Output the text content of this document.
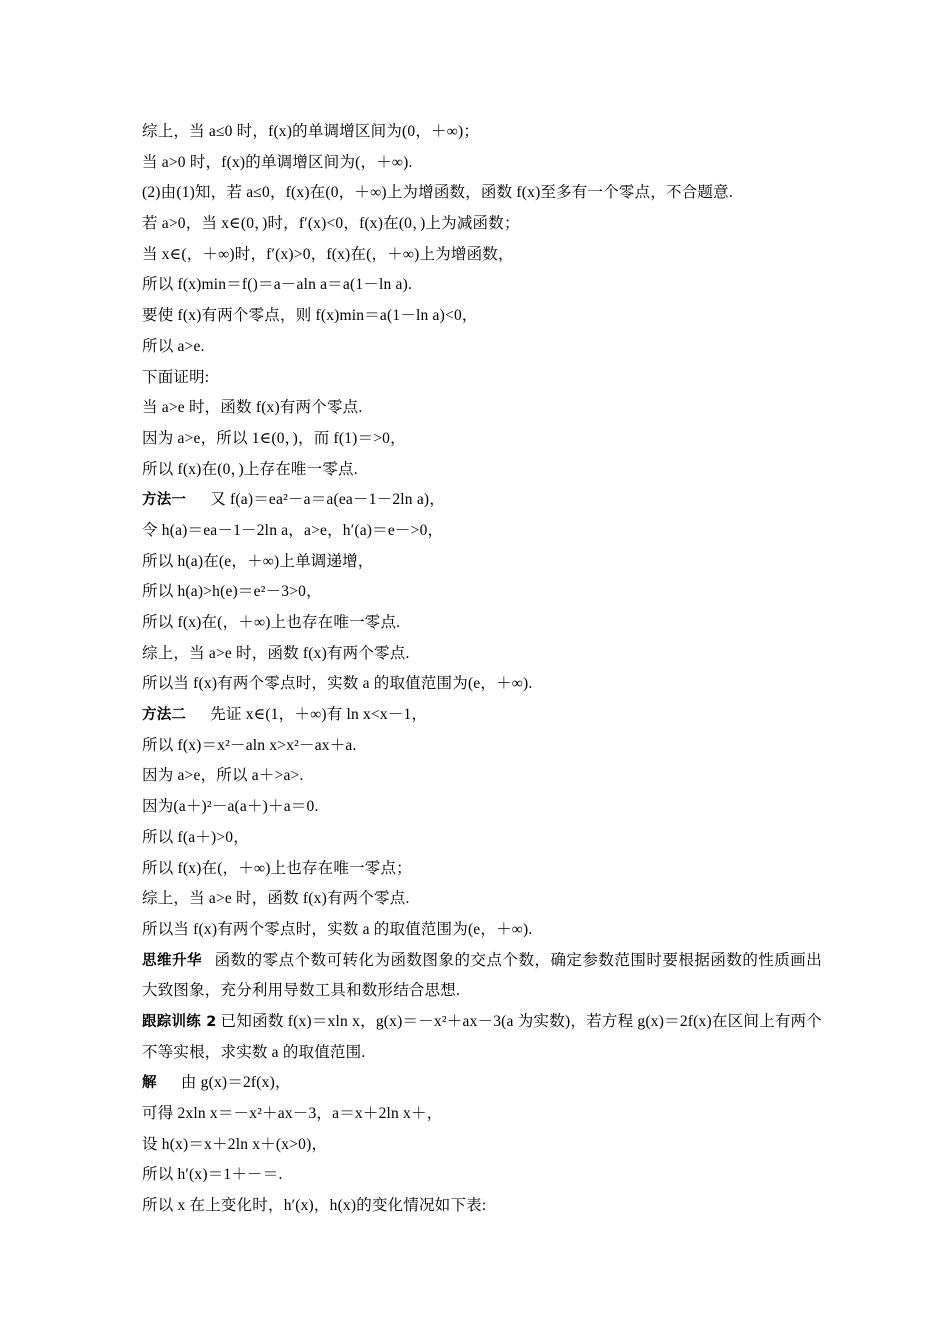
综上，当 a≤0 时，f(x)的单调增区间为(0，＋∞)；
当 a>0 时，f(x)的单调增区间为(，＋∞).
(2)由(1)知，若 a≤0，f(x)在(0，＋∞)上为增函数，函数 f(x)至多有一个零点，不合题意.
若 a>0，当 x∈(0，)时，f′(x)<0，f(x)在(0，)上为减函数；
当 x∈(，＋∞)时，f′(x)>0，f(x)在(，＋∞)上为增函数，
所以 f(x)min＝f()＝a－aln a＝a(1－ln a).
要使 f(x)有两个零点，则 f(x)min＝a(1－ln a)<0，
所以 a>e.
下面证明:
当 a>e 时，函数 f(x)有两个零点.
因为 a>e，所以 1∈(0，)，而 f(1)＝>0，
所以 f(x)在(0，)上存在唯一零点.
方法一 又 f(a)＝ea²－a＝a(ea－1－2ln a)，
令 h(a)＝ea－1－2ln a，a>e，h′(a)＝e－>0，
所以 h(a)在(e，＋∞)上单调递增，
所以 h(a)>h(e)＝e²－3>0，
所以 f(x)在(，＋∞)上也存在唯一零点.
综上，当 a>e 时，函数 f(x)有两个零点.
所以当 f(x)有两个零点时，实数 a 的取值范围为(e，＋∞).
方法二 先证 x∈(1，＋∞)有 ln x<x－1，
所以 f(x)＝x²－aln x>x²－ax＋a.
因为 a>e，所以 a＋>a>.
因为(a＋)²－a(a＋)＋a＝0.
所以 f(a＋)>0，
所以 f(x)在(，＋∞)上也存在唯一零点；
综上，当 a>e 时，函数 f(x)有两个零点.
所以当 f(x)有两个零点时，实数 a 的取值范围为(e，＋∞).
思维升华 函数的零点个数可转化为函数图象的交点个数，确定参数范围时要根据函数的性质画出大致图象，充分利用导数工具和数形结合思想.
跟踪训练 2 已知函数 f(x)＝xln x，g(x)＝－x²＋ax－3(a 为实数)，若方程 g(x)＝2f(x)在区间上有两个不等实根，求实数 a 的取值范围.
解 由 g(x)＝2f(x)，
可得 2xln x＝－x²＋ax－3，a＝x＋2ln x＋，
设 h(x)＝x＋2ln x＋(x>0)，
所以 h′(x)＝1＋－＝.
所以 x 在上变化时，h′(x)，h(x)的变化情况如下表:
